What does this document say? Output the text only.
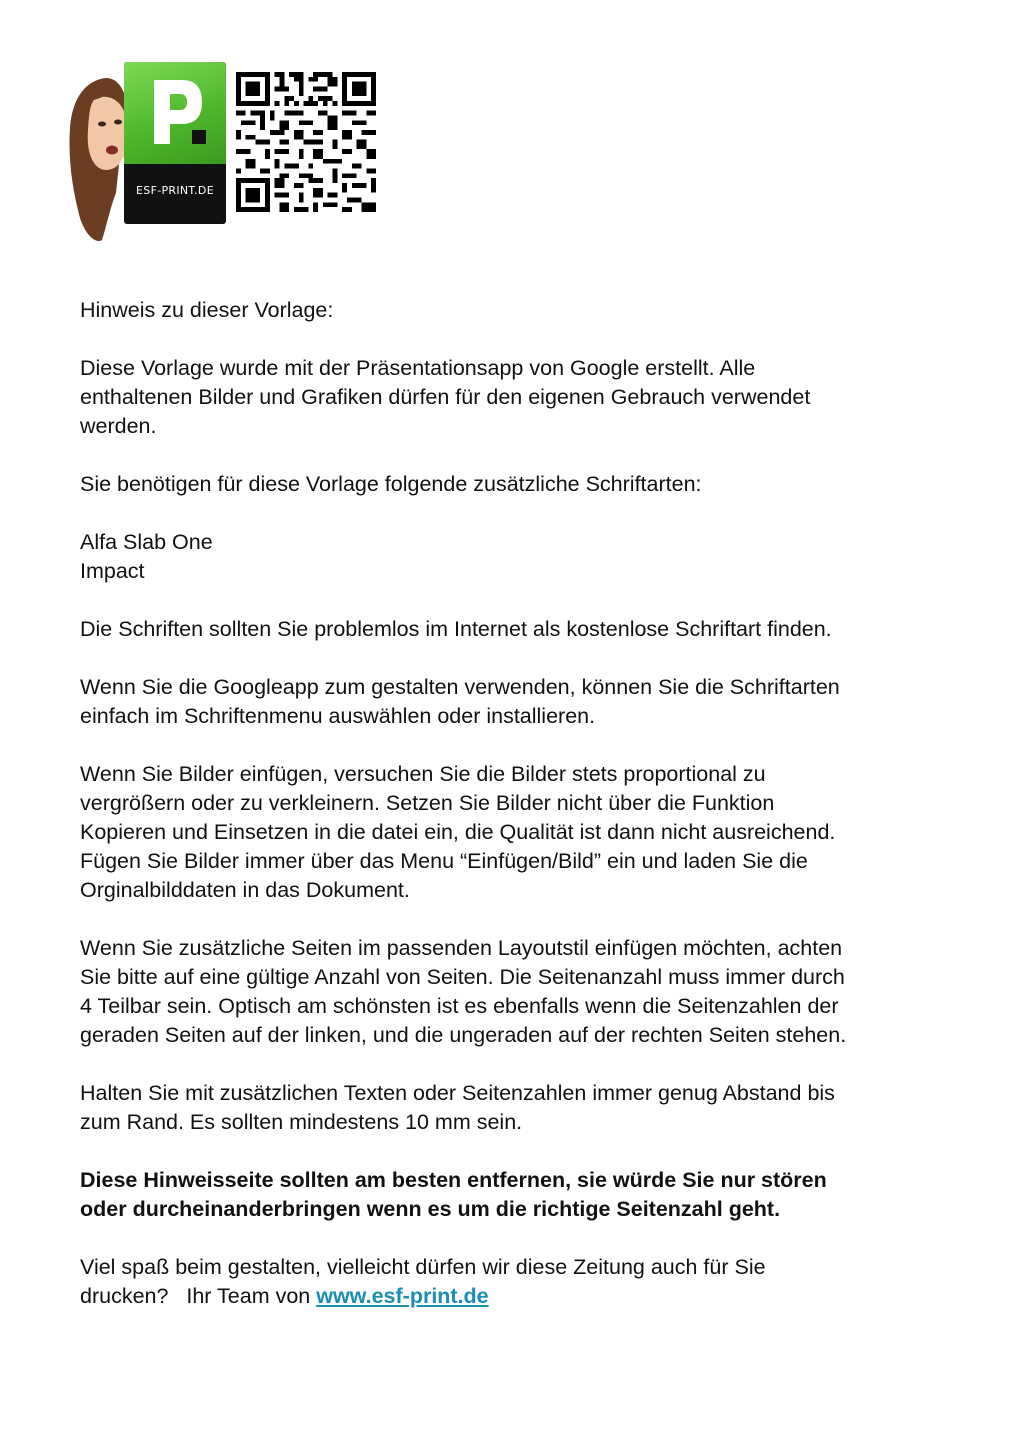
ESF-PRINT.DE

Hinweis zu dieser Vorlage:

Diese Vorlage wurde mit der Präsentationsapp von Google erstellt. Alle
enthaltenen Bilder und Grafiken dürfen für den eigenen Gebrauch verwendet
werden.

Sie benötigen für diese Vorlage folgende zusätzliche Schriftarten:

Alfa Slab One
Impact

Die Schriften sollten Sie problemlos im Internet als kostenlose Schriftart finden.

Wenn Sie die Googleapp zum gestalten verwenden, können Sie die Schriftarten
einfach im Schriftenmenu auswählen oder installieren.

Wenn Sie Bilder einfügen, versuchen Sie die Bilder stets proportional zu
vergrößern oder zu verkleinern. Setzen Sie Bilder nicht über die Funktion
Kopieren und Einsetzen in die datei ein, die Qualität ist dann nicht ausreichend.
Fügen Sie Bilder immer über das Menu “Einfügen/Bild” ein und laden Sie die
Orginalbilddaten in das Dokument.

Wenn Sie zusätzliche Seiten im passenden Layoutstil einfügen möchten, achten
Sie bitte auf eine gültige Anzahl von Seiten. Die Seitenanzahl muss immer durch
4 Teilbar sein. Optisch am schönsten ist es ebenfalls wenn die Seitenzahlen der
geraden Seiten auf der linken, und die ungeraden auf der rechten Seiten stehen.

Halten Sie mit zusätzlichen Texten oder Seitenzahlen immer genug Abstand bis
zum Rand. Es sollten mindestens 10 mm sein.

Diese Hinweisseite sollten am besten entfernen, sie würde Sie nur stören
oder durcheinanderbringen wenn es um die richtige Seitenzahl geht.

Viel spaß beim gestalten, vielleicht dürfen wir diese Zeitung auch für Sie
drucken?   Ihr Team von www.esf-print.de
